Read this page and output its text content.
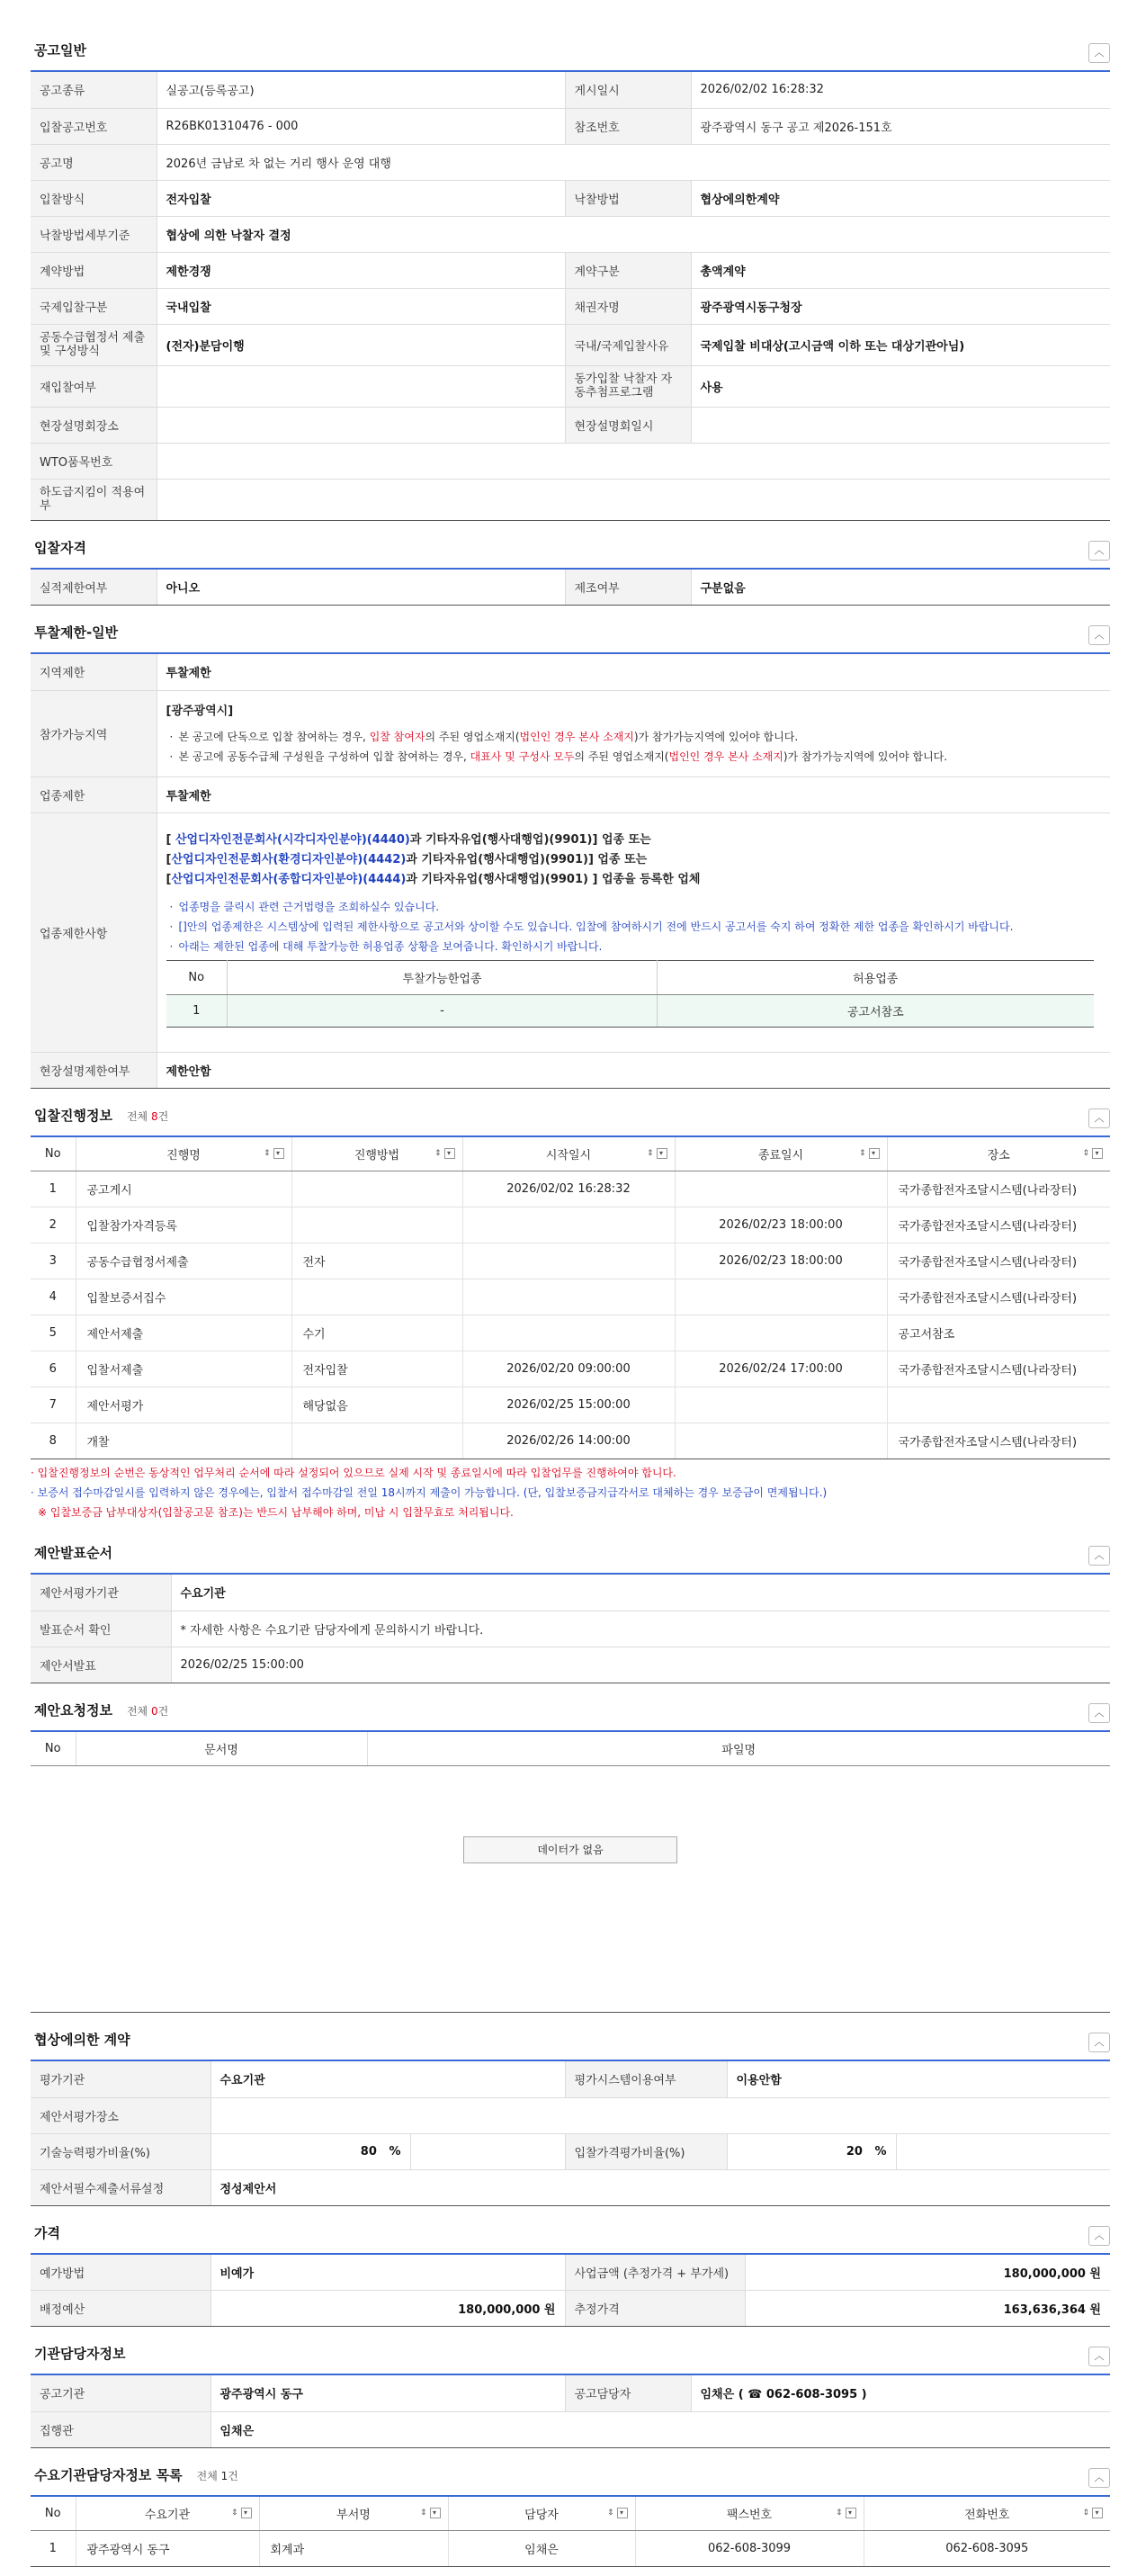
공고일반	︿
공고종류	실공고(등록공고)	게시일시	2026/02/02 16:28:32
입찰공고번호	R26BK01310476 - 000	참조번호	광주광역시 동구 공고 제2026-151호
공고명	2026년 금남로 차 없는 거리 행사 운영 대행		
입찰방식	전자입찰	낙찰방법	협상에의한계약
낙찰방법세부기준	협상에 의한 낙찰자 결정		
계약방법	제한경쟁	계약구분	총액계약
국제입찰구분	국내입찰	채권자명	광주광역시동구청장
공동수급협정서 제출 및 구성방식	(전자)분담이행	국내/국제입찰사유	국제입찰 비대상(고시금액 이하 또는 대상기관아님)
재입찰여부		동가입찰 낙찰자 자동추첨프로그램	사용
현장설명회장소		현장설명회일시	
WTO품목번호			
하도급지킴이 적용여부			
입찰자격	︿
실적제한여부	아니오	제조여부	구분없음
투찰제한-일반	︿
지역제한	투찰제한
참가가능지역	
[광주광역시]
· 본 공고에 단독으로 입찰 참여하는 경우, 입찰 참여자의 주된 영업소재지(법인인 경우 본사 소재지)가 참가가능지역에 있어야 합니다.
· 본 공고에 공동수급체 구성원을 구성하여 입찰 참여하는 경우, 대표사 및 구성사 모두의 주된 영업소재지(법인인 경우 본사 소재지)가 참가가능지역에 있어야 합니다.

업종제한	투찰제한
업종제한사항	
[ 산업디자인전문회사(시각디자인분야)(4440)과 기타자유업(행사대행업)(9901)] 업종 또는
[산업디자인전문회사(환경디자인분야)(4442)과 기타자유업(행사대행업)(9901)] 업종 또는
[산업디자인전문회사(종합디자인분야)(4444)과 기타자유업(행사대행업)(9901) ] 업종을 등록한 업체
· 업종명을 클릭시 관련 근거법령을 조회하실수 있습니다.
· []안의 업종제한은 시스템상에 입력된 제한사항으로 공고서와 상이할 수도 있습니다. 입찰에 참여하시기 전에 반드시 공고서를 숙지 하여 정확한 제한 업종을 확인하시기 바랍니다.
· 아래는 제한된 업종에 대해 투찰가능한 허용업종 상황을 보여줍니다. 확인하시기 바랍니다.
No	투찰가능한업종	허용업종
1	-	공고서참조

현장설명제한여부	제한안함
입찰진행정보 전체 8건	︿
No	진행명 ⇕ ▾	진행방법 ⇕ ▾	시작일시 ⇕ ▾	종료일시 ⇕ ▾	장소 ⇕ ▾

1	공고게시		2026/02/02 16:28:32		국가종합전자조달시스템(나라장터)
2	입찰참가자격등록			2026/02/23 18:00:00	국가종합전자조달시스템(나라장터)
3	공동수급협정서제출	전자		2026/02/23 18:00:00	국가종합전자조달시스템(나라장터)
4	입찰보증서집수				국가종합전자조달시스템(나라장터)
5	제안서제출	수기			공고서참조
6	입찰서제출	전자입찰	2026/02/20 09:00:00	2026/02/24 17:00:00	국가종합전자조달시스템(나라장터)
7	제안서평가	해당없음	2026/02/25 15:00:00		
8	개찰		2026/02/26 14:00:00		국가종합전자조달시스템(나라장터)
· 입찰진행정보의 순번은 동상적인 업무처리 순서에 따라 설정되어 있으므로 실제 시작 및 종료일시에 따라 입찰업무를 진행하여야 합니다.
· 보증서 접수마감일시를 입력하지 않은 경우에는, 입찰서 접수마감일 전일 18시까지 제출이 가능합니다. (단, 입찰보증금지급각서로 대체하는 경우 보증금이 면제됩니다.)
※ 입찰보증금 납부대상자(입찰공고문 참조)는 반드시 납부해야 하며, 미납 시 입찰무효로 처리됩니다.
제안발표순서	︿
제안서평가기관	수요기관
발표순서 확인	* 자세한 사항은 수요기관 담당자에게 문의하시기 바랍니다.
제안서발표	2026/02/25 15:00:00
제안요청정보 전체 0건	︿
No	문서명	파일명
데이터가 없음
협상에의한 계약	︿
평가기관	수요기관		평가시스템이용여부	이용안함	
제안서평가장소					
기술능력평가비율(%)	80 %		입찰가격평가비율(%)	20 %	
제안서필수제출서류설정	정성제안서				
가격	︿
예가방법	비예가	사업금액 (추정가격 + 부가세)	180,000,000 원
배정예산	180,000,000 원	추정가격	163,636,364 원
기관담당자정보	︿
공고기관	광주광역시 동구	공고담당자	임채은 ( ☎ 062-608-3095 )
집행관	임채은		
수요기관담당자정보 목록 전체 1건	︿
No	수요기관 ⇕ ▾	부서명 ⇕ ▾	담당자 ⇕ ▾	팩스번호 ⇕ ▾	전화번호 ⇕ ▾

1	광주광역시 동구	회계과	임채은	062-608-3099	062-608-3095
